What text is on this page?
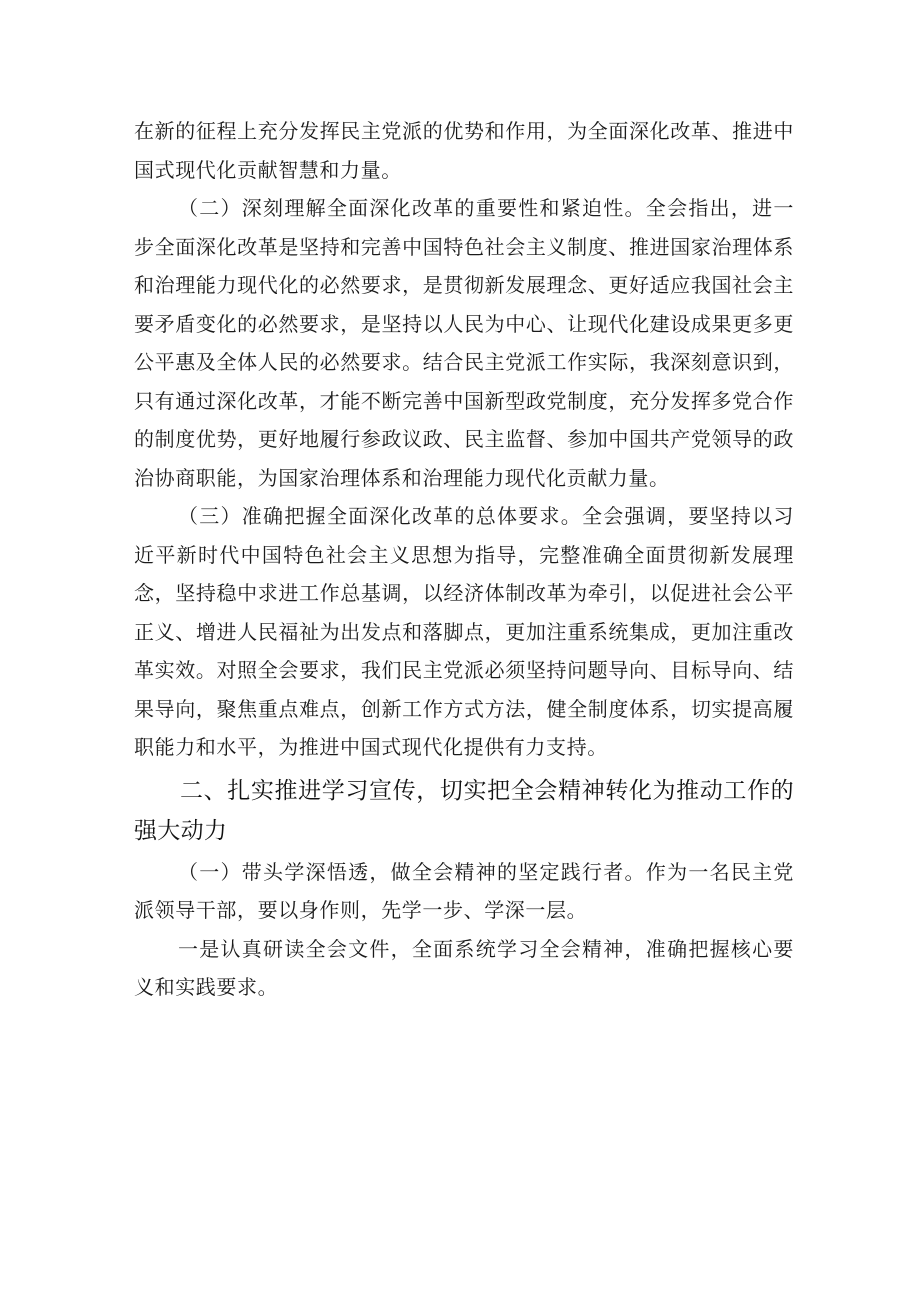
在新的征程上充分发挥民主党派的优势和作用，为全面深化改革、推进中国式现代化贡献智慧和力量。

（二）深刻理解全面深化改革的重要性和紧迫性。全会指出，进一步全面深化改革是坚持和完善中国特色社会主义制度、推进国家治理体系和治理能力现代化的必然要求，是贯彻新发展理念、更好适应我国社会主要矛盾变化的必然要求，是坚持以人民为中心、让现代化建设成果更多更公平惠及全体人民的必然要求。结合民主党派工作实际，我深刻意识到，只有通过深化改革，才能不断完善中国新型政党制度，充分发挥多党合作的制度优势，更好地履行参政议政、民主监督、参加中国共产党领导的政治协商职能，为国家治理体系和治理能力现代化贡献力量。

（三）准确把握全面深化改革的总体要求。全会强调，要坚持以习近平新时代中国特色社会主义思想为指导，完整准确全面贯彻新发展理念，坚持稳中求进工作总基调，以经济体制改革为牵引，以促进社会公平正义、增进人民福祉为出发点和落脚点，更加注重系统集成，更加注重改革实效。对照全会要求，我们民主党派必须坚持问题导向、目标导向、结果导向，聚焦重点难点，创新工作方式方法，健全制度体系，切实提高履职能力和水平，为推进中国式现代化提供有力支持。

二、扎实推进学习宣传，切实把全会精神转化为推动工作的强大动力

（一）带头学深悟透，做全会精神的坚定践行者。作为一名民主党派领导干部，要以身作则，先学一步、学深一层。

一是认真研读全会文件，全面系统学习全会精神，准确把握核心要义和实践要求。
